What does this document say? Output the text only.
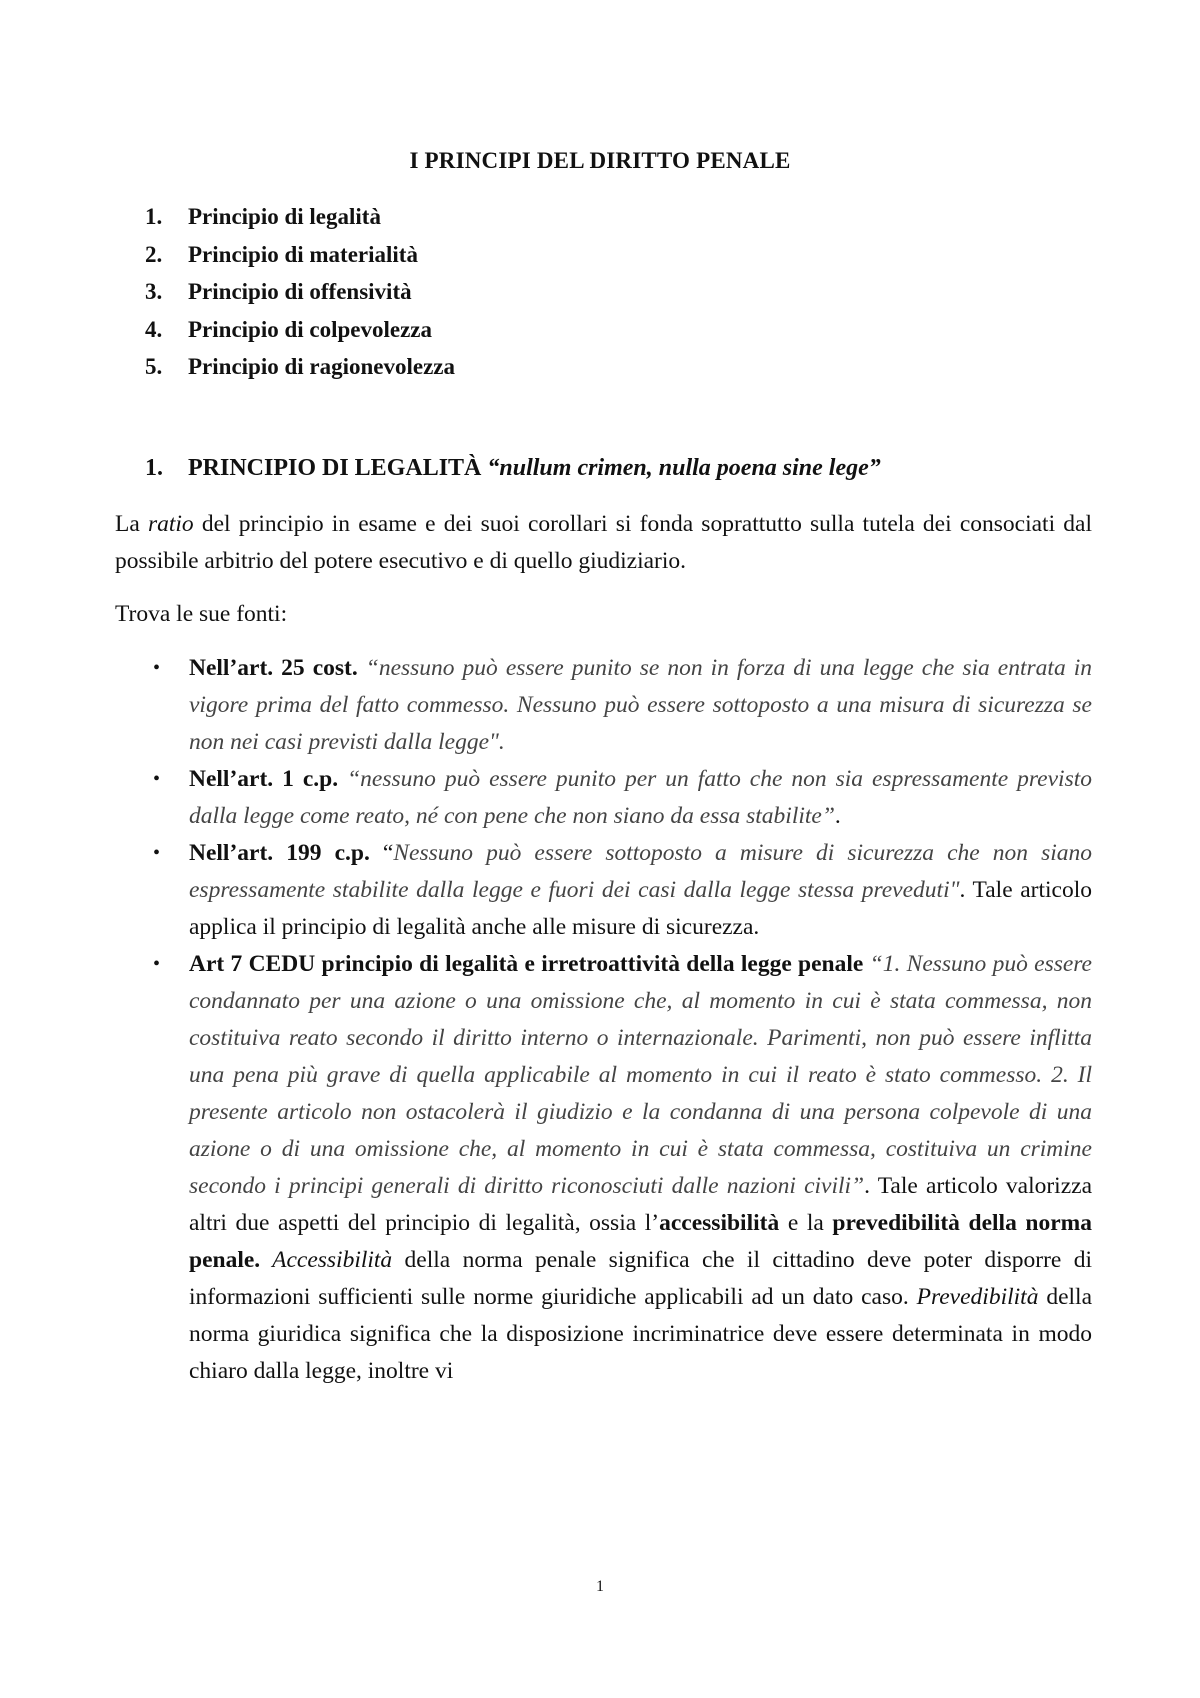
I PRINCIPI DEL DIRITTO PENALE
1. Principio di legalità
2. Principio di materialità
3. Principio di offensività
4. Principio di colpevolezza
5. Principio di ragionevolezza
1. PRINCIPIO DI LEGALITÀ “nullum crimen, nulla poena sine lege”

La ratio del principio in esame e dei suoi corollari si fonda soprattutto sulla tutela dei consociati dal possibile arbitrio del potere esecutivo e di quello giudiziario.

Trova le sue fonti:

• Nell’art. 25 cost. “nessuno può essere punito se non in forza di una legge che sia entrata in vigore prima del fatto commesso. Nessuno può essere sottoposto a una misura di sicurezza se non nei casi previsti dalla legge".
• Nell’art. 1 c.p. “nessuno può essere punito per un fatto che non sia espressamente previsto dalla legge come reato, né con pene che non siano da essa stabilite”.
• Nell’art. 199 c.p. “Nessuno può essere sottoposto a misure di sicurezza che non siano espressamente stabilite dalla legge e fuori dei casi dalla legge stessa preveduti". Tale articolo applica il principio di legalità anche alle misure di sicurezza.
• Art 7 CEDU principio di legalità e irretroattività della legge penale “1. Nessuno può essere condannato per una azione o una omissione che, al momento in cui è stata commessa, non costituiva reato secondo il diritto interno o internazionale. Parimenti, non può essere inflitta una pena più grave di quella applicabile al momento in cui il reato è stato commesso. 2. Il presente articolo non ostacolerà il giudizio e la condanna di una persona colpevole di una azione o di una omissione che, al momento in cui è stata commessa, costituiva un crimine secondo i principi generali di diritto riconosciuti dalle nazioni civili”. Tale articolo valorizza altri due aspetti del principio di legalità, ossia l’accessibilità e la prevedibilità della norma penale. Accessibilità della norma penale significa che il cittadino deve poter disporre di informazioni sufficienti sulle norme giuridiche applicabili ad un dato caso. Prevedibilità della norma giuridica significa che la disposizione incriminatrice deve essere determinata in modo chiaro dalla legge, inoltre vi
1
